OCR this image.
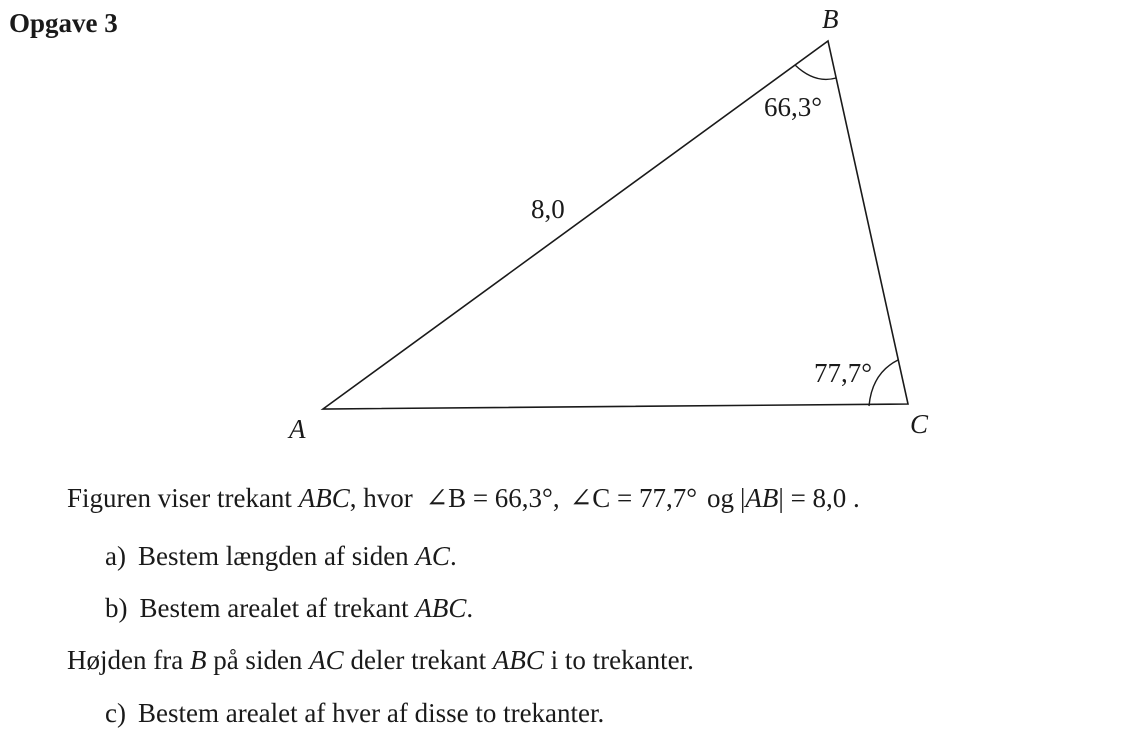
Opgave 3	B
A	C
66,3°
77,7°
8,0
Figuren viser trekant ABC, hvor ∠B = 66,3°, ∠C = 77,7° og |AB| = 8,0 .
a) Bestem længden af siden AC.
b) Bestem arealet af trekant ABC.
Højden fra B på siden AC deler trekant ABC i to trekanter.
c) Bestem arealet af hver af disse to trekanter.
